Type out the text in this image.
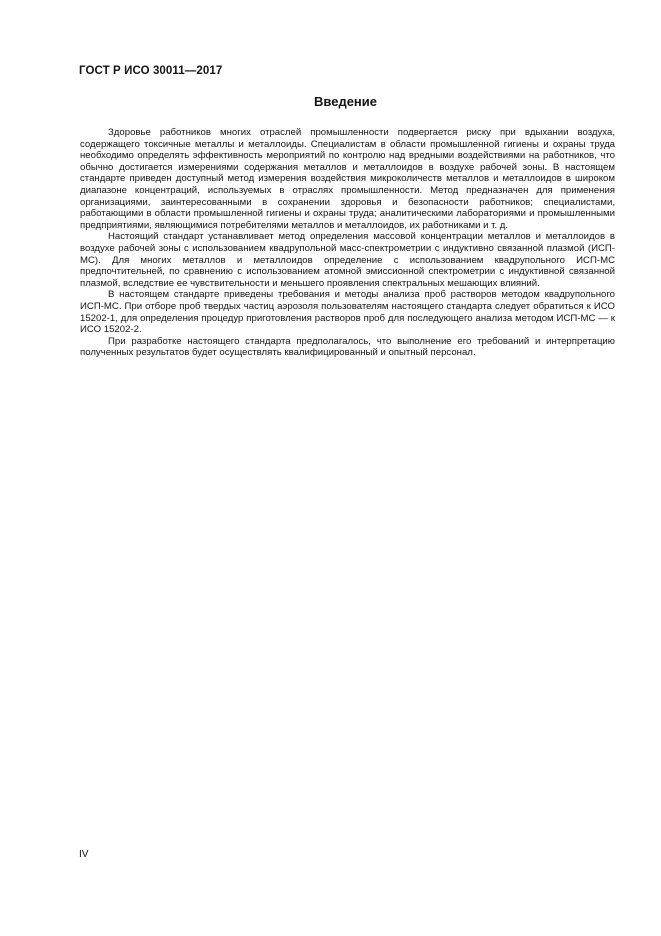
ГОСТ Р ИСО 30011—2017
Введение

Здоровье работников многих отраслей промышленности подвергается риску при вдыхании воздуха, содержащего токсичные металлы и металлоиды. Специалистам в области промышленной гигиены и охраны труда необходимо определять эффективность мероприятий по контролю над вредными воздействиями на работников, что обычно достигается измерениями содержания металлов и металлоидов в воздухе рабочей зоны. В настоящем стандарте приведен доступный метод измерения воздействия микроколичеств металлов и металлоидов в широком диапазоне концентраций, используемых в отраслях промышленности. Метод предназначен для применения организациями, заинтересованными в сохранении здоровья и безопасности работников; специалистами, работающими в области промышленной гигиены и охраны труда; аналитическими лабораториями и промышленными предприятиями, являющимися потребителями металлов и металлоидов, их работниками и т. д.

Настоящий стандарт устанавливает метод определения массовой концентрации металлов и металлоидов в воздухе рабочей зоны с использованием квадрупольной масс-спектрометрии с индуктивно связанной плазмой (ИСП-МС). Для многих металлов и металлоидов определение с использованием квадрупольного ИСП-МС предпочтительней, по сравнению с использованием атомной эмиссионной спектрометрии с индуктивной связанной плазмой, вследствие ее чувствительности и меньшего проявления спектральных мешающих влияний.

В настоящем стандарте приведены требования и методы анализа проб растворов методом квадрупольного ИСП-МС. При отборе проб твердых частиц аэрозоля пользователям настоящего стандарта следует обратиться к ИСО 15202-1, для определения процедур приготовления растворов проб для последующего анализа методом ИСП-МС — к ИСО 15202-2.

При разработке настоящего стандарта предполагалось, что выполнение его требований и интерпретацию полученных результатов будет осуществлять квалифицированный и опытный персонал.

IV
